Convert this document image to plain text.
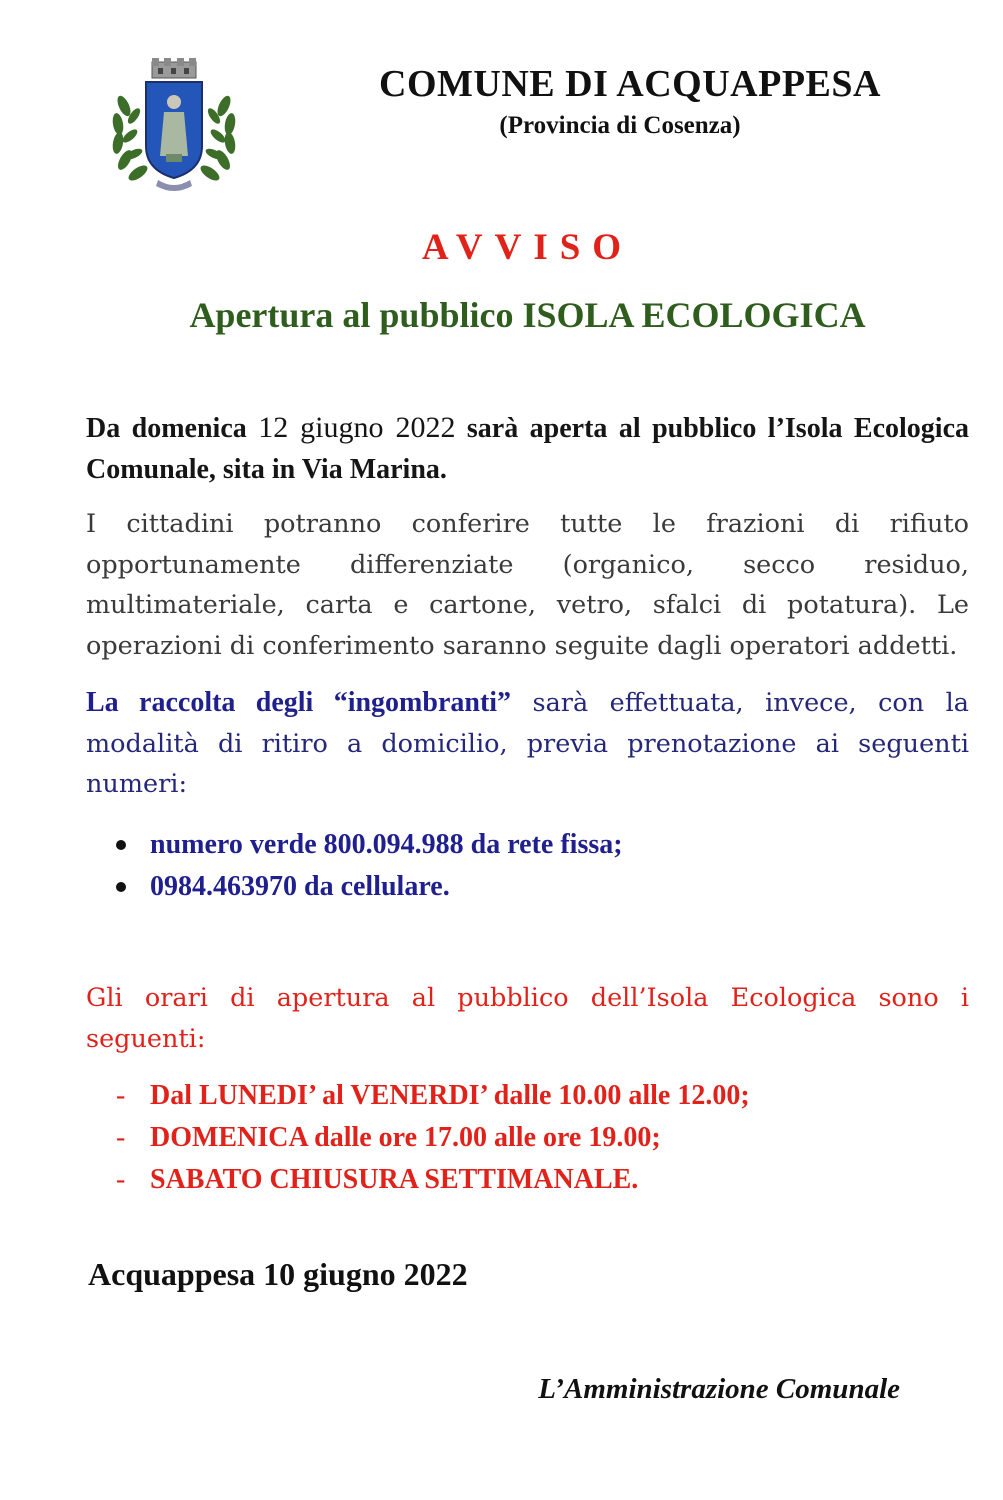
COMUNE DI ACQUAPPESA
(Provincia di Cosenza)
AVVISO
Apertura al pubblico ISOLA ECOLOGICA
Da domenica 12 giugno 2022 sarà aperta al pubblico l’Isola Ecologica Comunale, sita in Via Marina.
I cittadini potranno conferire tutte le frazioni di rifiuto opportunamente differenziate (organico, secco residuo, multimateriale, carta e cartone, vetro, sfalci di potatura). Le operazioni di conferimento saranno seguite dagli operatori addetti.
La raccolta degli “ingombranti” sarà effettuata, invece, con la modalità di ritiro a domicilio, previa prenotazione ai seguenti numeri:
numero verde 800.094.988 da rete fissa;
0984.463970 da cellulare.
Gli orari di apertura al pubblico dell’Isola Ecologica sono i seguenti:
- Dal LUNEDI’ al VENERDI’ dalle 10.00 alle 12.00;
- DOMENICA dalle ore 17.00 alle ore 19.00;
- SABATO CHIUSURA SETTIMANALE.
Acquappesa 10 giugno 2022
L’Amministrazione Comunale
